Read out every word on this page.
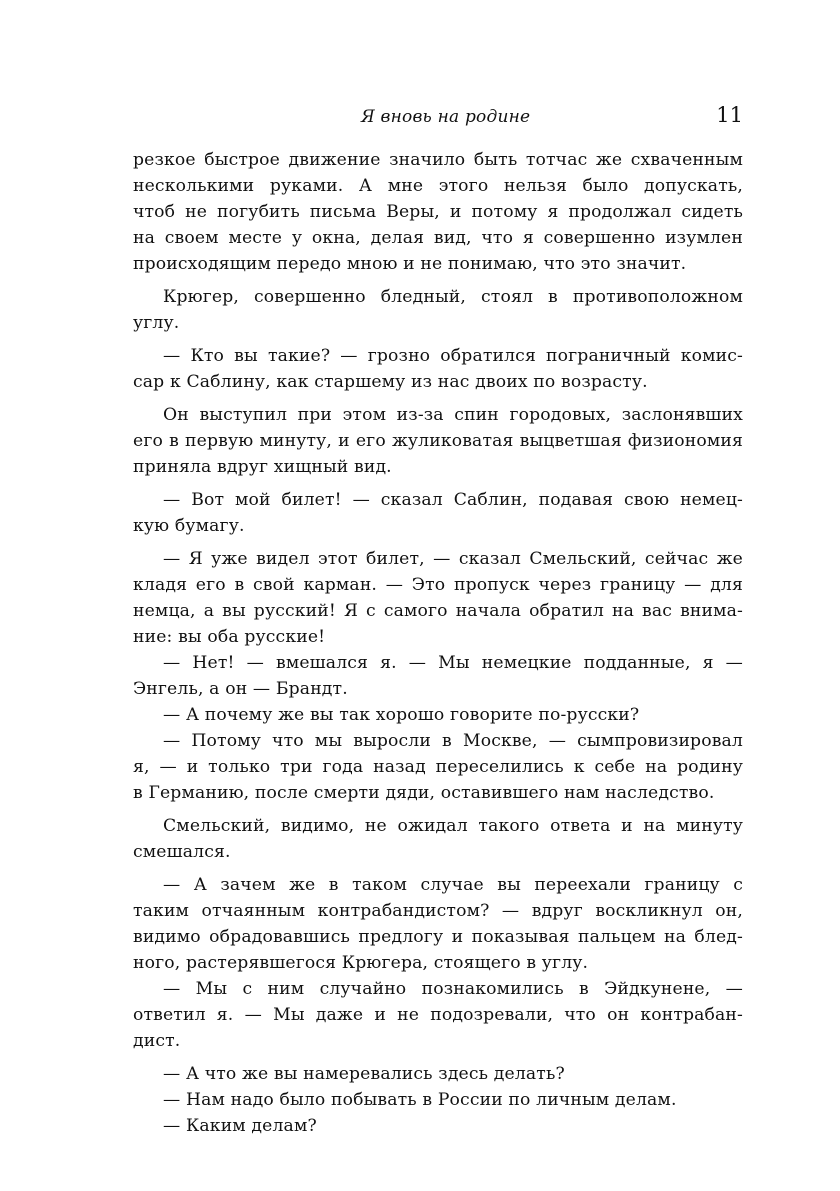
Я вновь на родине	11
резкое быстрое движение значило быть тотчас же схваченным
несколькими руками. А мне этого нельзя было допускать,
чтоб не погубить письма Веры, и потому я продолжал сидеть
на своем месте у окна, делая вид, что я совершенно изумлен
происходящим передо мною и не понимаю, что это значит.
Крюгер, совершенно бледный, стоял в противоположном
углу.
— Кто вы такие? — грозно обратился пограничный комис-
сар к Саблину, как старшему из нас двоих по возрасту.
Он выступил при этом из-за спин городовых, заслонявших
его в первую минуту, и его жуликоватая выцветшая физиономия
приняла вдруг хищный вид.
— Вот мой билет! — сказал Саблин, подавая свою немец-
кую бумагу.
— Я уже видел этот билет, — сказал Смельский, сейчас же
кладя его в свой карман. — Это пропуск через границу — для
немца, а вы русский! Я с самого начала обратил на вас внима-
ние: вы оба русские!
— Нет! — вмешался я. — Мы немецкие подданные, я —
Энгель, а он — Брандт.
— А почему же вы так хорошо говорите по-русски?
— Потому что мы выросли в Москве, — сымпровизировал
я, — и только три года назад переселились к себе на родину
в Германию, после смерти дяди, оставившего нам наследство.
Смельский, видимо, не ожидал такого ответа и на минуту
смешался.
— А зачем же в таком случае вы переехали границу с
таким отчаянным контрабандистом? — вдруг воскликнул он,
видимо обрадовавшись предлогу и показывая пальцем на блед-
ного, растерявшегося Крюгера, стоящего в углу.
— Мы с ним случайно познакомились в Эйдкунене, —
ответил я. — Мы даже и не подозревали, что он контрабан-
дист.
— А что же вы намеревались здесь делать?
— Нам надо было побывать в России по личным делам.
— Каким делам?
